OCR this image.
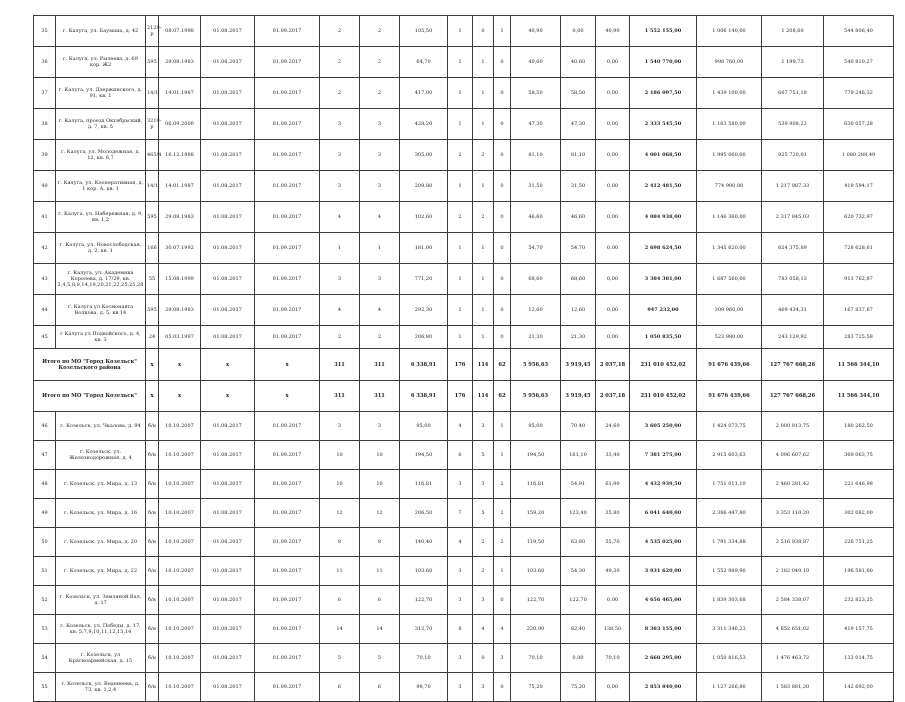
35	г. Калуга, ул. Баумана, д. 42	2129-р	08.07.1998	01.08.2017	01.09.2017	2	2	105,50	1	0	1	40,90	0,00	40,90	1 552 155,00	1 006 140,00	1 208,60	544 806,40
36	г. Калуга, ул. Рылеева, д. 69 кор. Ж2	595	29.08.1983	01.08.2017	01.09.2017	2	2	64,70	1	1	0	40,60	40,60	0,00	1 540 770,00	998 760,00	1 199,73	540 810,27
37	г. Калуга, ул. Дзержинского, д. 91, кв. 1	14/1	14.01.1987	01.08.2017	01.09.2017	2	2	417,00	1	1	0	58,50	58,50	0,00	2 186 097,50	1 439 100,00	667 751,18	779 246,32
38	г. Калуга, проезд Октябрьский, д. 7, кв. 5	3210-р	06.09.2000	01.08.2017	01.09.2017	3	3	428,20	1	1	0	47,30	47,30	0,00	2 333 545,50	1 163 580,00	539 908,22	630 057,28
39	г. Калуга, ул. Молодежная, д. 12, кв. 6,7	465/4	16.12.1988	01.08.2017	01.09.2017	3	3	305,00	2	2	0	81,10	81,10	0,00	4 001 068,50	1 995 060,00	925 720,01	1 080 288,49
40	г. Калуга, ул. Кооперативная, д. 1 кор. А, кв. 1	14/1	14.01.1987	01.08.2017	01.09.2017	3	3	209,80	1	1	0	31,50	31,50	0,00	2 412 481,50	774 900,00	1 217 987,33	419 594,17
41	г. Калуга, ул. Набережная, д. 9, кв. 1,2	595	29.08.1983	01.08.2017	01.09.2017	4	4	102,60	2	2	0	46,60	46,60	0,00	4 084 938,00	1 146 360,00	2 317 845,03	620 732,97
42	г. Калуга, ул. Новослободская, д. 2, кв. 1	166	30.07.1992	01.08.2017	01.09.2017	1	1	181,00	1	1	0	54,70	54,70	0,00	2 698 624,50	1 345 620,00	624 375,89	728 628,61
43	г. Калуга, ул. Академика Королева, д. 17/29, кв. 2,4,5,8,9,14,19,20,21,22,25,25,28	55	15.08.1999	01.08.2017	01.09.2017	3	3	771,20	1	1	0	68,60	68,60	0,00	3 384 381,00	1 687 560,00	783 058,13	913 762,87
44	г. Калуга ул Космонавта Волкова, д. 5, кв 14	595	29.08.1983	01.08.2017	01.09.2017	4	4	292,30	1	1	0	12,60	12,60	0,00	947 232,00	309 960,00	469 434,31	167 837,67
45	г Калуга ул Подвойского, д. 4, кв. 3	24	05.03.1997	01.08.2017	01.09.2017	2	2	206,80	1	1	0	21,30	21,30	0,00	1 050 835,50	523 980,00	243 129,92	283 725,58
Итого по МО "Город Козельск" Козельского района		х	х	х	х	311	311	6 338,91	176	114	62	5 956,63	3 919,45	2 037,18	231 010 452,02	91 676 439,66	127 767 668,26	11 566 344,10
Итого по МО "Город Козельск"		х	х	х	х	311	311	6 338,91	176	114	62	5 956,63	3 919,45	2 037,18	231 010 452,02	91 676 439,66	127 767 668,26	11 566 344,10
46	г. Козельск, ул. Чкалова, д. 94	б/н	10.10.2007	01.08.2017	01.09.2017	3	3	95,00	4	3	1	95,00	70,40	24,60	3 605 250,00	1 424 073,75	2 000 913,75	180 262,50
47	г. Козельск, ул. Железнодорожная, д. 4	б/н	10.10.2007	01.08.2017	01.09.2017	10	10	194,50	6	5	1	194,50	161,10	33,40	7 381 275,00	2 915 603,63	4 096 607,62	369 063,75
48	г. Козельск, ул. Мира, д. 13	б/н	10.10.2007	01.08.2017	01.09.2017	10	10	116,81	3	3	2	116,81	54,91	61,90	4 432 939,50	1 751 011,10	2 460 281,42	221 646,98
49	г. Козельск, ул. Мира, д. 16	б/н	10.10.2007	01.08.2017	01.09.2017	12	12	206,50	7	5	2	159,20	123,40	35,80	6 041 640,00	2 386 447,80	3 353 110,20	302 082,00
50	г. Козельск, ул. Мира, д. 20	б/н	10.10.2007	01.08.2017	01.09.2017	8	8	140,40	4	2	2	119,50	63,80	55,70	4 535 025,00	1 791 334,88	2 516 938,87	226 751,25
51	г. Козельск, ул. Мира, д. 22	б/н	10.10.2007	01.08.2017	01.09.2017	11	11	103,60	3	2	1	103,60	54,30	49,30	3 931 620,00	1 552 989,90	2 182 049,10	196 581,00
52	г. Козельск, ул. Земляной Вал, д. 17	б/н	10.10.2007	01.08.2017	01.09.2017	6	6	122,70	3	3	0	122,70	122,70	0,00	4 656 465,00	1 839 303,68	2 584 338,07	232 823,25
53	г. Козельск, ул. Победы, д. 17, кв. 5,7,9,10,11,12,13,14	б/н	10.10.2007	01.08.2017	01.09.2017	14	14	312,70	8	4	4	220,90	82,40	138,50	8 383 155,00	3 311 346,23	4 652 651,02	419 157,75
54	г. Козельск, ул Красноармейская, д. 15	б/н	10.10.2007	01.08.2017	01.09.2017	5	5	70,10	3	0	3	70,10	0,00	70,10	2 660 295,00	1 050 816,53	1 476 463,72	133 014,75
55	г. Козельск, ул. Веденеева, д. 73, кв. 1,2,4	б/н	10.10.2007	01.08.2017	01.09.2017	6	6	99,70	3	3	0	75,20	75,20	0,00	2 853 840,00	1 127 266,80	1 583 881,20	142 692,00
